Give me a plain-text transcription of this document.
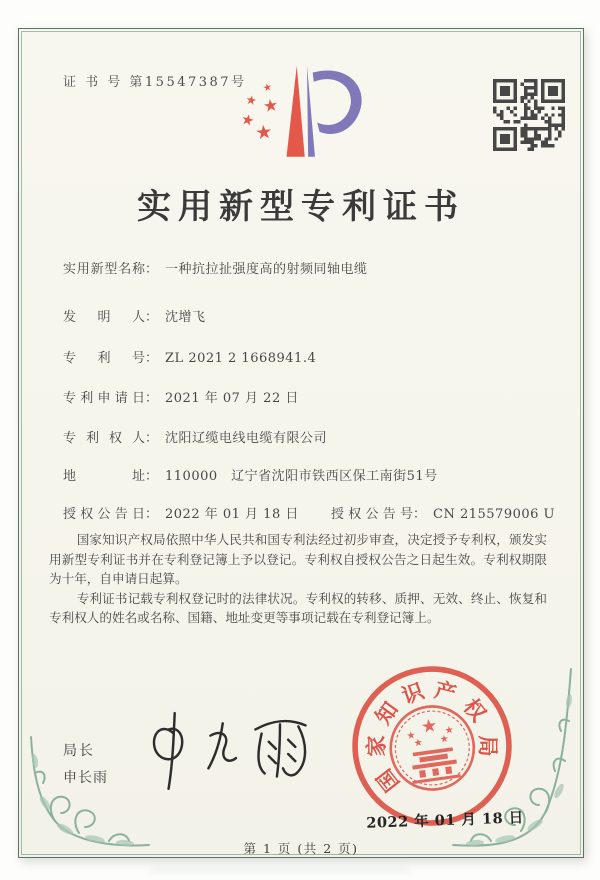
证 书 号 第15547387号 ★
★ ★
★
★
实用新型专利证书
实用新型名称： 一种抗拉扯强度高的射频同轴电缆
发明人： 沈增飞
专利号： ZL 2021 2 1668941.4
专利申请日： 2021 年 07 月 22 日
专利权人： 沈阳辽缆电线电缆有限公司
地址： 110000　辽宁省沈阳市铁西区保工南街51号
授权公告日： 2022 年 01 月 18 日 授权公告号： CN 215579006 U

国家知识产权局依照中华人民共和国专利法经过初步审查，决定授予专利权，颁发实用新型专利证书并在专利登记簿上予以登记。专利权自授权公告之日起生效。专利权期限为十年，自申请日起算。

专利证书记载专利权登记时的法律状况。专利权的转移、质押、无效、终止、恢复和专利权人的姓名或名称、国籍、地址变更等事项记载在专利登记簿上。

局长
申长雨	国
家
知
识 产
权
局
★
★	★
★ ★
2022 年 01 月 18 日
第 1 页 (共 2 页)
